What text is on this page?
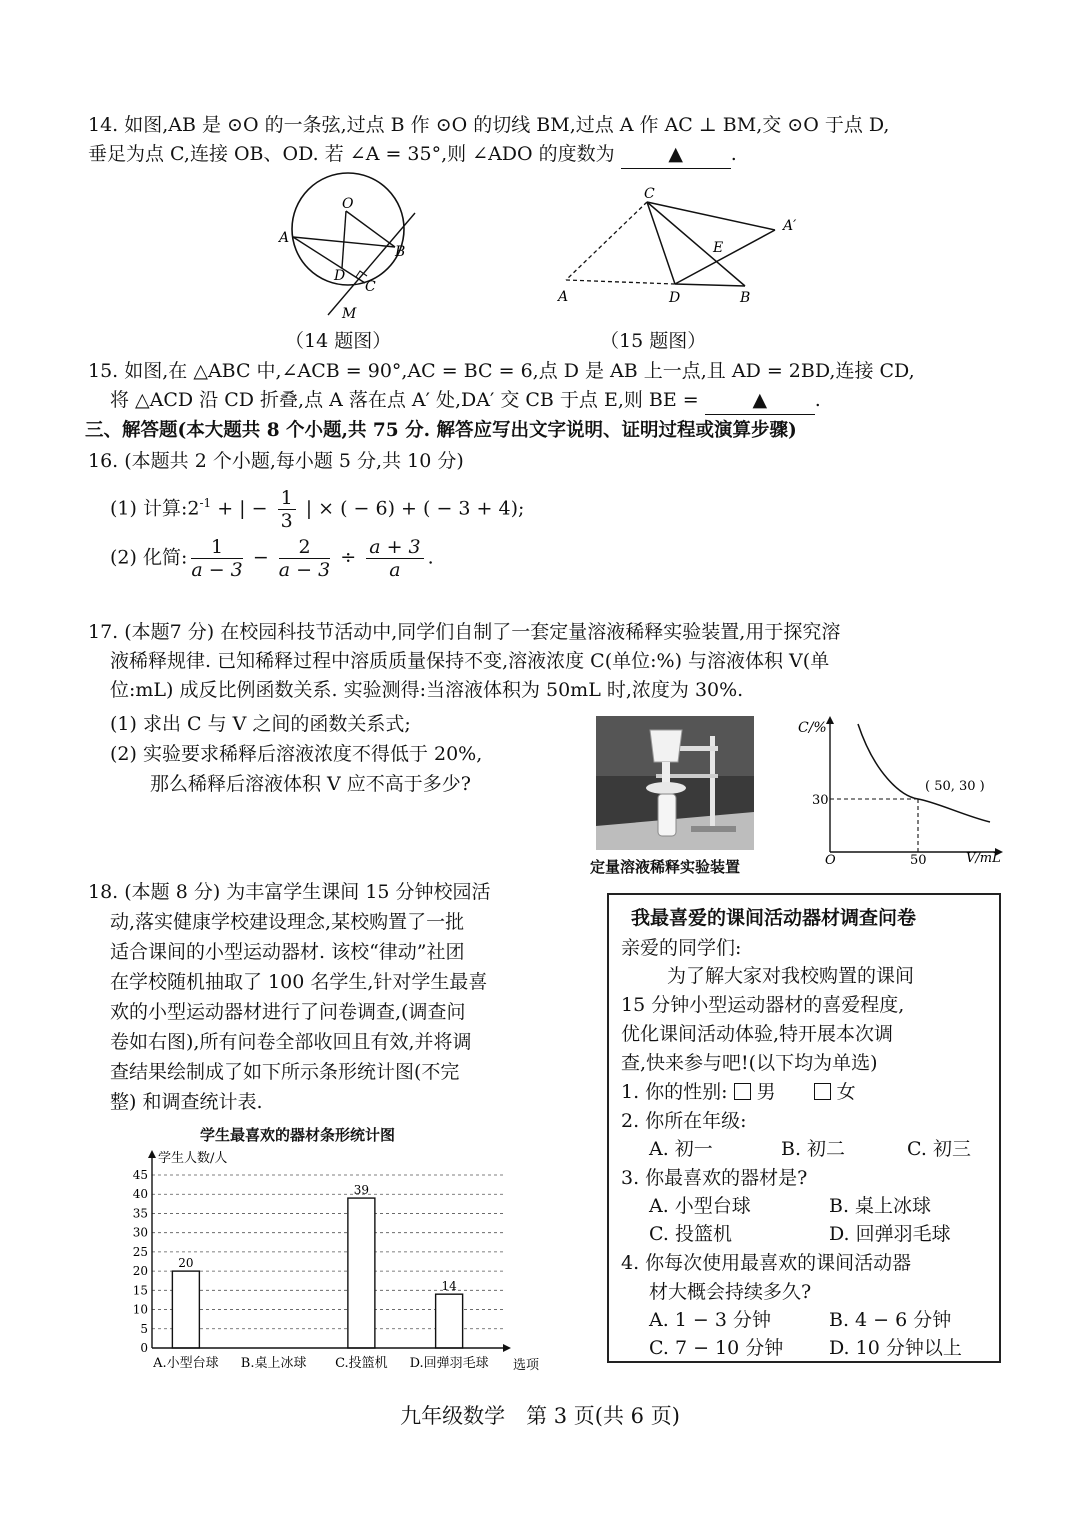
14. 如图,AB 是 ⊙O 的一条弦,过点 B 作 ⊙O 的切线 BM,过点 A 作 AC ⊥ BM,交 ⊙O 于点 D,
垂足为点 C,连接 OB、OD. 若 ∠A = 35°,则 ∠ADO 的度数为	▲	.
O
A
B
D
C
M
（14 题图）
C
A′
E
A	D	B
（15 题图）
15. 如图,在 △ABC 中,∠ACB = 90°,AC = BC = 6,点 D 是 AB 上一点,且 AD = 2BD,连接 CD,
将 △ACD 沿 CD 折叠,点 A 落在点 A′ 处,DA′ 交 CB 于点 E,则 BE =	▲	.
三、解答题(本大题共 8 个小题,共 75 分. 解答应写出文字说明、证明过程或演算步骤)
16. (本题共 2 个小题,每小题 5 分,共 10 分)
(1) 计算$:2^{-1}$ + | − $\frac{1}{3}$ | × ( − 6) + ( − 3 + 4);
(2) 化简: $\frac{1}{a - 3} - \frac{2}{a - 3} \div \frac{a + 3}{a}$ .
17. (本题7 分) 在校园科技节活动中,同学们自制了一套定量溶液稀释实验装置,用于探究溶
液稀释规律. 已知稀释过程中溶质质量保持不变,溶液浓度 C(单位:%) 与溶液体积 V(单
位:mL) 成反比例函数关系. 实验测得:当溶液体积为 50mL 时,浓度为 30%.
(1) 求出 C 与 V 之间的函数关系式;
(2) 实验要求稀释后溶液浓度不得低于 20%,
那么稀释后溶液体积 V 应不高于多少?
定量溶液稀释实验装置
C/%
V/mL
O
30
50
( 50, 30 )
18. (本题 8 分) 为丰富学生课间 15 分钟校园活
动,落实健康学校建设理念,某校购置了一批
适合课间的小型运动器材. 该校“律动”社团
在学校随机抽取了 100 名学生,针对学生最喜
欢的小型运动器材进行了问卷调查,(调查问
卷如右图),所有问卷全部收回且有效,并将调
查结果绘制成了如下所示条形统计图(不完
整) 和调查统计表.
学生最喜欢的器材条形统计图
0
5
10
15
20
25
30
35
40
45
20
A.小型台球 B.桌上冰球
39
C.投篮机
14
D.回弹羽毛球
学生人数/人
选项
我最喜爱的课间活动器材调查问卷
亲爱的同学们:
为了解大家对我校购置的课间
15 分钟小型运动器材的喜爱程度,
优化课间活动体验,特开展本次调
查,快来参与吧!(以下均为单选)
1. 你的性别: 男	女
2. 你所在年级:
A. 初一	B. 初二	C. 初三
3. 你最喜欢的器材是?
A. 小型台球	B. 桌上冰球
C. 投篮机	D. 回弹羽毛球
4. 你每次使用最喜欢的课间活动器
材大概会持续多久?
A. 1 − 3 分钟	B. 4 − 6 分钟
C. 7 − 10 分钟 D. 10 分钟以上
九年级数学　第 3 页(共 6 页)
